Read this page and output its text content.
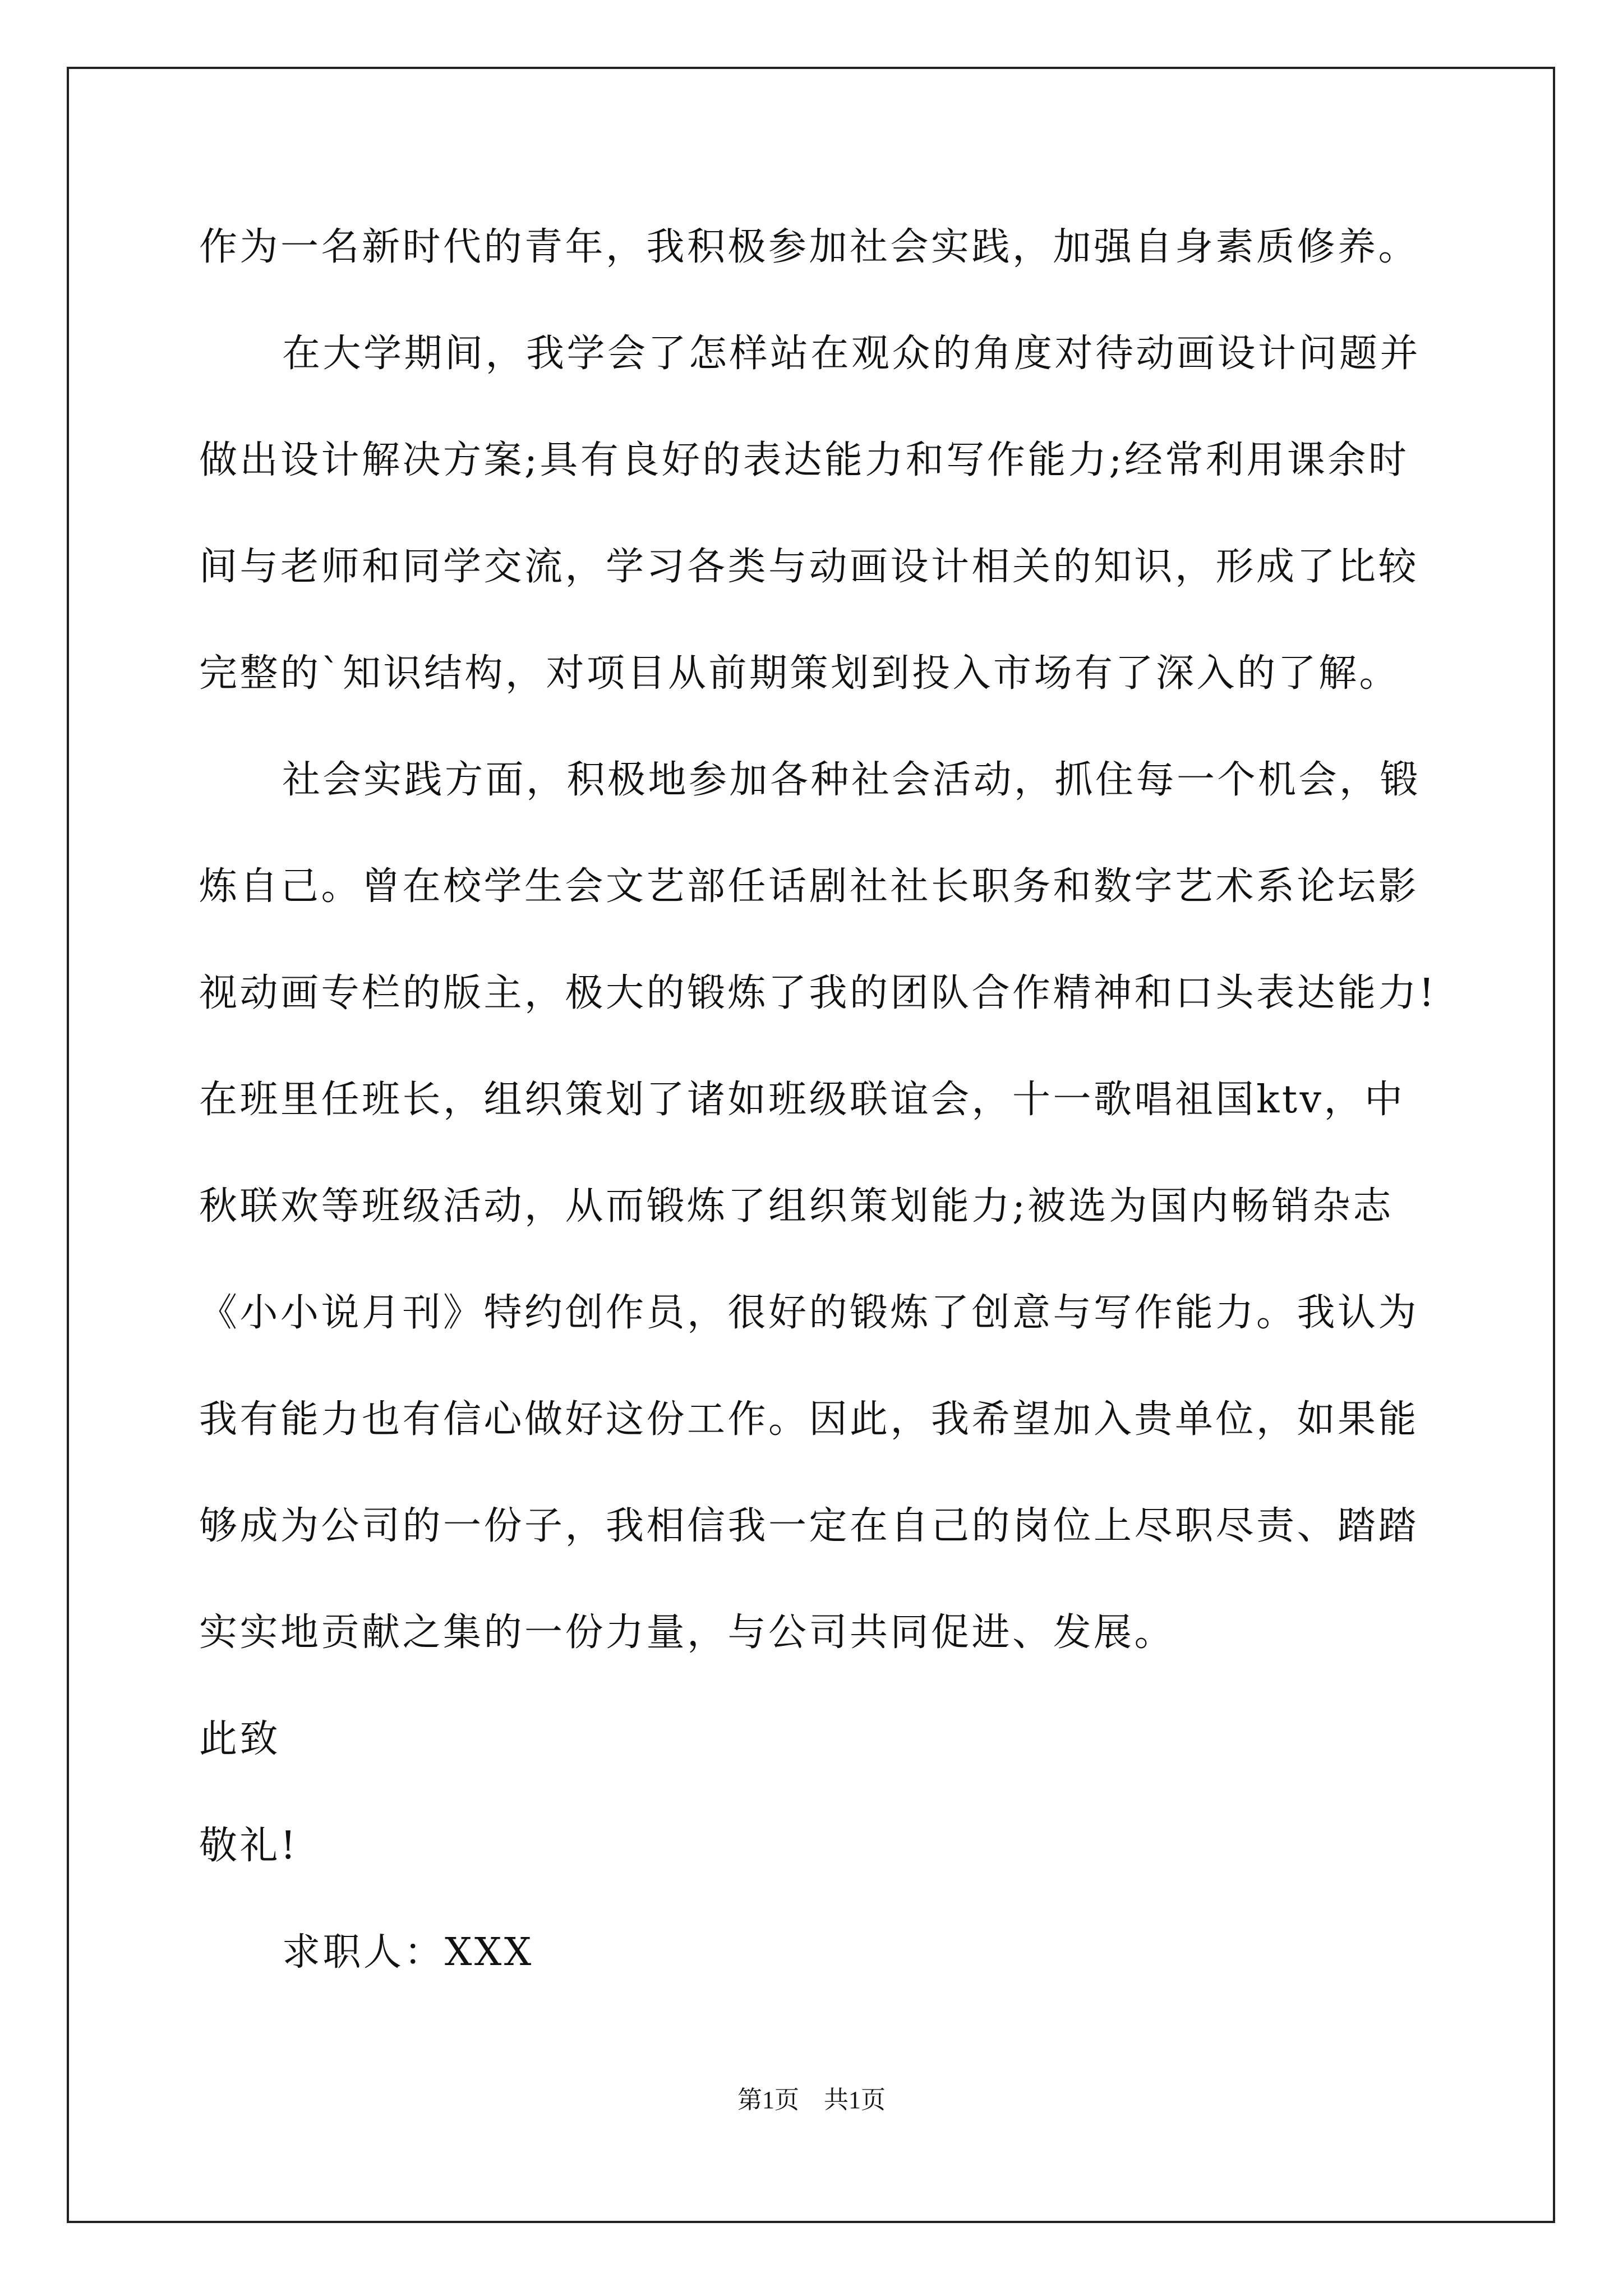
作为一名新时代的青年，我积极参加社会实践，加强自身素质修养。
在大学期间，我学会了怎样站在观众的角度对待动画设计问题并
做出设计解决方案;具有良好的表达能力和写作能力;经常利用课余时
间与老师和同学交流，学习各类与动画设计相关的知识，形成了比较
完整的`知识结构，对项目从前期策划到投入市场有了深入的了解。
社会实践方面，积极地参加各种社会活动，抓住每一个机会，锻
炼自己。曾在校学生会文艺部任话剧社社长职务和数字艺术系论坛影
视动画专栏的版主，极大的锻炼了我的团队合作精神和口头表达能力!
在班里任班长，组织策划了诸如班级联谊会，十一歌唱祖国ktv，中
秋联欢等班级活动，从而锻炼了组织策划能力;被选为国内畅销杂志
《小小说月刊》特约创作员，很好的锻炼了创意与写作能力。我认为
我有能力也有信心做好这份工作。因此，我希望加入贵单位，如果能
够成为公司的一份子，我相信我一定在自己的岗位上尽职尽责、踏踏
实实地贡献之集的一份力量，与公司共同促进、发展。
此致
敬礼!
求职人：XXX
第1页　共1页
